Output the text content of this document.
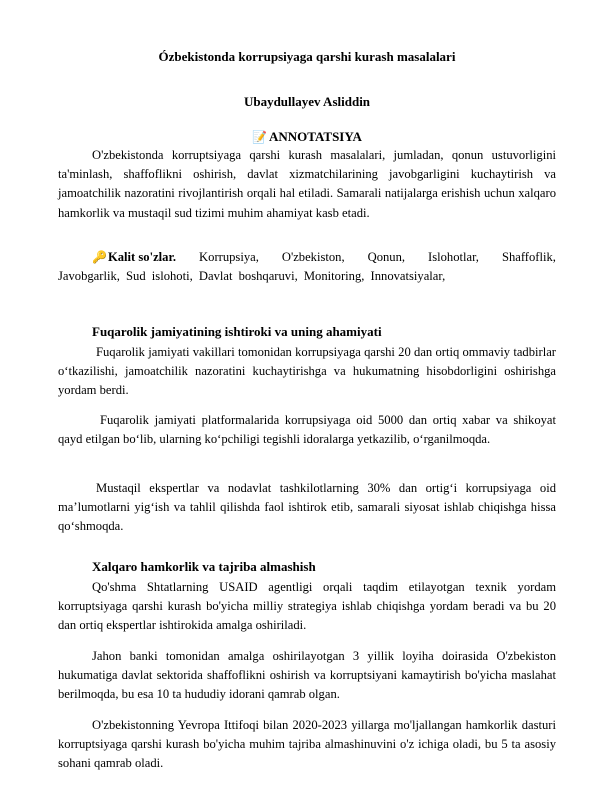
Ózbekistonda korrupsiyaga qarshi kurash masalalari
Ubaydullayev Asliddin
📝 ANNOTATSIYA

O'zbekistonda korruptsiyaga qarshi kurash masalalari, jumladan, qonun ustuvorligini ta'minlash, shaffoflikni oshirish, davlat xizmatchilarining javobgarligini kuchaytirish va jamoatchilik nazoratini rivojlantirish orqali hal etiladi. Samarali natijalarga erishish uchun xalqaro hamkorlik va mustaqil sud tizimi muhim ahamiyat kasb etadi.

🔑Kalit so'zlar. Korrupsiya, O'zbekiston, Qonun, Islohotlar, Shaffoflik,
Javobgarlik, Sud islohoti, Davlat boshqaruvi, Monitoring, Innovatsiyalar,
Fuqarolik jamiyatining ishtiroki va uning ahamiyati

Fuqarolik jamiyati vakillari tomonidan korrupsiyaga qarshi 20 dan ortiq ommaviy tadbirlar o‘tkazilishi, jamoatchilik nazoratini kuchaytirishga va hukumatning hisobdorligini oshirishga yordam berdi.

Fuqarolik jamiyati platformalarida korrupsiyaga oid 5000 dan ortiq xabar va shikoyat qayd etilgan bo‘lib, ularning ko‘pchiligi tegishli idoralarga yetkazilib, o‘rganilmoqda.

Mustaqil ekspertlar va nodavlat tashkilotlarning 30% dan ortig‘i korrupsiyaga oid ma’lumotlarni yig‘ish va tahlil qilishda faol ishtirok etib, samarali siyosat ishlab chiqishga hissa qo‘shmoqda.

Xalqaro hamkorlik va tajriba almashish

Qo'shma Shtatlarning USAID agentligi orqali taqdim etilayotgan texnik yordam korruptsiyaga qarshi kurash bo'yicha milliy strategiya ishlab chiqishga yordam beradi va bu 20 dan ortiq ekspertlar ishtirokida amalga oshiriladi.

Jahon banki tomonidan amalga oshirilayotgan 3 yillik loyiha doirasida O'zbekiston hukumatiga davlat sektorida shaffoflikni oshirish va korruptsiyani kamaytirish bo'yicha maslahat berilmoqda, bu esa 10 ta hududiy idorani qamrab olgan.

O'zbekistonning Yevropa Ittifoqi bilan 2020-2023 yillarga mo'ljallangan hamkorlik dasturi korruptsiyaga qarshi kurash bo'yicha muhim tajriba almashinuvini o'z ichiga oladi, bu 5 ta asosiy sohani qamrab oladi.
